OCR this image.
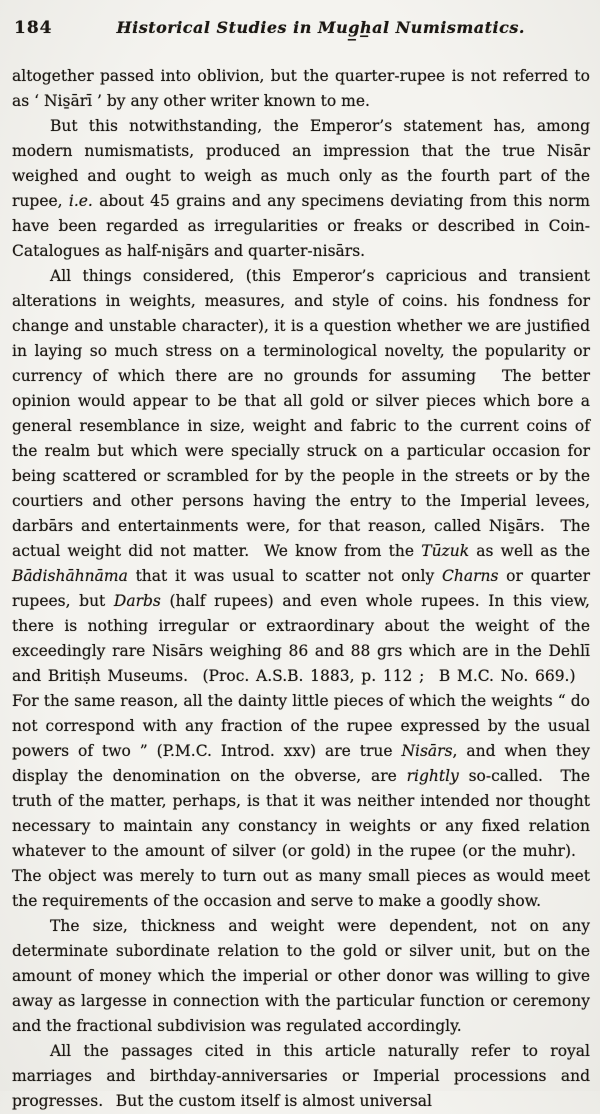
184	Historical Studies in Mug̲h̲al Numismatics.

altogether passed into oblivion, but the quarter-rupee is not referred to as ‘ Nis̱ārī ’ by any other writer known to me.

But this notwithstanding, the Emperor’s statement has, among modern numismatists, produced an impression that the true Nisār weighed and ought to weigh as much only as the fourth part of the rupee, i.e. about 45 grains and any specimens deviating from this norm have been regarded as irregularities or freaks or described in Coin-Catalogues as half-nis̱ārs and quarter-nisārs.

All things considered, (this Emperor’s capricious and transient alterations in weights, measures, and style of coins. his fondness for change and unstable character), it is a question whether we are justified in laying so much stress on a terminological novelty, the popularity or currency of which there are no grounds for assuming   The better opinion would appear to be that all gold or silver pieces which bore a general resemblance in size, weight and fabric to the current coins of the realm but which were specially struck on a particular occasion for being scattered or scrambled for by the people in the streets or by the courtiers and other persons having the entry to the Imperial levees, darbārs and entertainments were, for that reason, called Nis̱ārs.  The actual weight did not matter.  We know from the Tūzuk as well as the Bādishāhnāma that it was usual to scatter not only Charns or quarter rupees, but Darbs (half rupees) and even whole rupees. In this view, there is nothing irregular or extraordinary about the weight of the exceedingly rare Nisārs weighing 86 and 88 grs which are in the Dehlī and Britiṣh Museums.  (Proc. A.S.B. 1883, p. 112 ;  B M.C. No. 669.)  For the same reason, all the dainty little pieces of which the weights “ do not correspond with any fraction of the rupee expressed by the usual powers of two ” (P.M.C. Introd. xxv) are true Nisārs, and when they display the denomination on the obverse, are rightly so-called.  The truth of the matter, perhaps, is that it was neither intended nor thought necessary to maintain any constancy in weights or any fixed relation whatever to the amount of silver (or gold) in the rupee (or the muhr).  The object was merely to turn out as many small pieces as would meet the requirements of the occasion and serve to make a goodly show.

The size, thickness and weight were dependent, not on any determinate subordinate relation to the gold or silver unit, but on the amount of money which the imperial or other donor was willing to give away as largesse in connection with the particular function or ceremony and the fractional subdivision was regulated accordingly.

All the passages cited in this article naturally refer to royal marriages and birthday-anniversaries or Imperial processions and progresses.  But the custom itself is almost universal
